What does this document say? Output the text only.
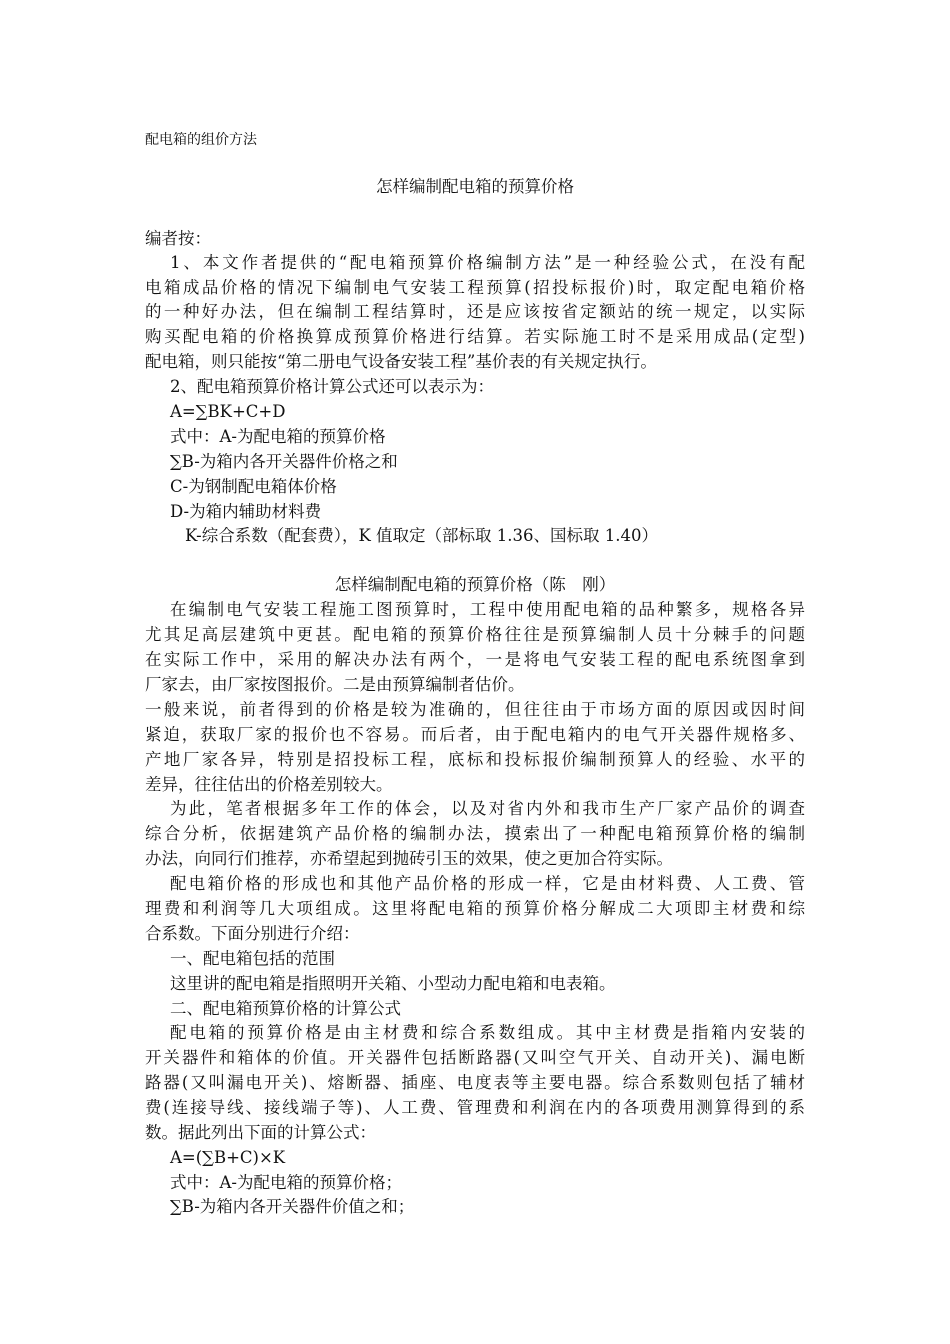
配电箱的组价方法
怎样编制配电箱的预算价格
编者按：
1、本文作者提供的“配电箱预算价格编制方法”是一种经验公式，在没有配
电箱成品价格的情况下编制电气安装工程预算(招投标报价)时，取定配电箱价格
的一种好办法，但在编制工程结算时，还是应该按省定额站的统一规定，以实际
购买配电箱的价格换算成预算价格进行结算。若实际施工时不是采用成品(定型)
配电箱，则只能按“第二册电气设备安装工程”基价表的有关规定执行。
2、配电箱预算价格计算公式还可以表示为：
A=∑BK+C+D
式中：A-为配电箱的预算价格
∑B-为箱内各开关器件价格之和
C-为钢制配电箱体价格
D-为箱内辅助材料费
K-综合系数（配套费），K 值取定（部标取 1.36、国标取 1.40）
怎样编制配电箱的预算价格（陈　刚）
在编制电气安装工程施工图预算时，工程中使用配电箱的品种繁多，规格各异
尤其足高层建筑中更甚。配电箱的预算价格往往是预算编制人员十分棘手的问题
在实际工作中，采用的解决办法有两个，一是将电气安装工程的配电系统图拿到
厂家去，由厂家按图报价。二是由预算编制者估价。
一般来说，前者得到的价格是较为准确的，但往往由于市场方面的原因或因时间
紧迫，获取厂家的报价也不容易。而后者，由于配电箱内的电气开关器件规格多、
产地厂家各异，特别是招投标工程，底标和投标报价编制预算人的经验、水平的
差异，往往估出的价格差别较大。
为此，笔者根据多年工作的体会，以及对省内外和我市生产厂家产品价的调查
综合分析，依据建筑产品价格的编制办法，摸索出了一种配电箱预算价格的编制
办法，向同行们推荐，亦希望起到抛砖引玉的效果，使之更加合符实际。
配电箱价格的形成也和其他产品价格的形成一样，它是由材料费、人工费、管
理费和利润等几大项组成。这里将配电箱的预算价格分解成二大项即主材费和综
合系数。下面分别进行介绍：
一、配电箱包括的范围
这里讲的配电箱是指照明开关箱、小型动力配电箱和电表箱。
二、配电箱预算价格的计算公式
配电箱的预算价格是由主材费和综合系数组成。其中主材费是指箱内安装的
开关器件和箱体的价值。开关器件包括断路器(又叫空气开关、自动开关)、漏电断
路器(又叫漏电开关)、熔断器、插座、电度表等主要电器。综合系数则包括了辅材
费(连接导线、接线端子等)、人工费、管理费和利润在内的各项费用测算得到的系
数。据此列出下面的计算公式：
A=(∑B+C)×K
式中：A-为配电箱的预算价格；
∑B-为箱内各开关器件价值之和；
